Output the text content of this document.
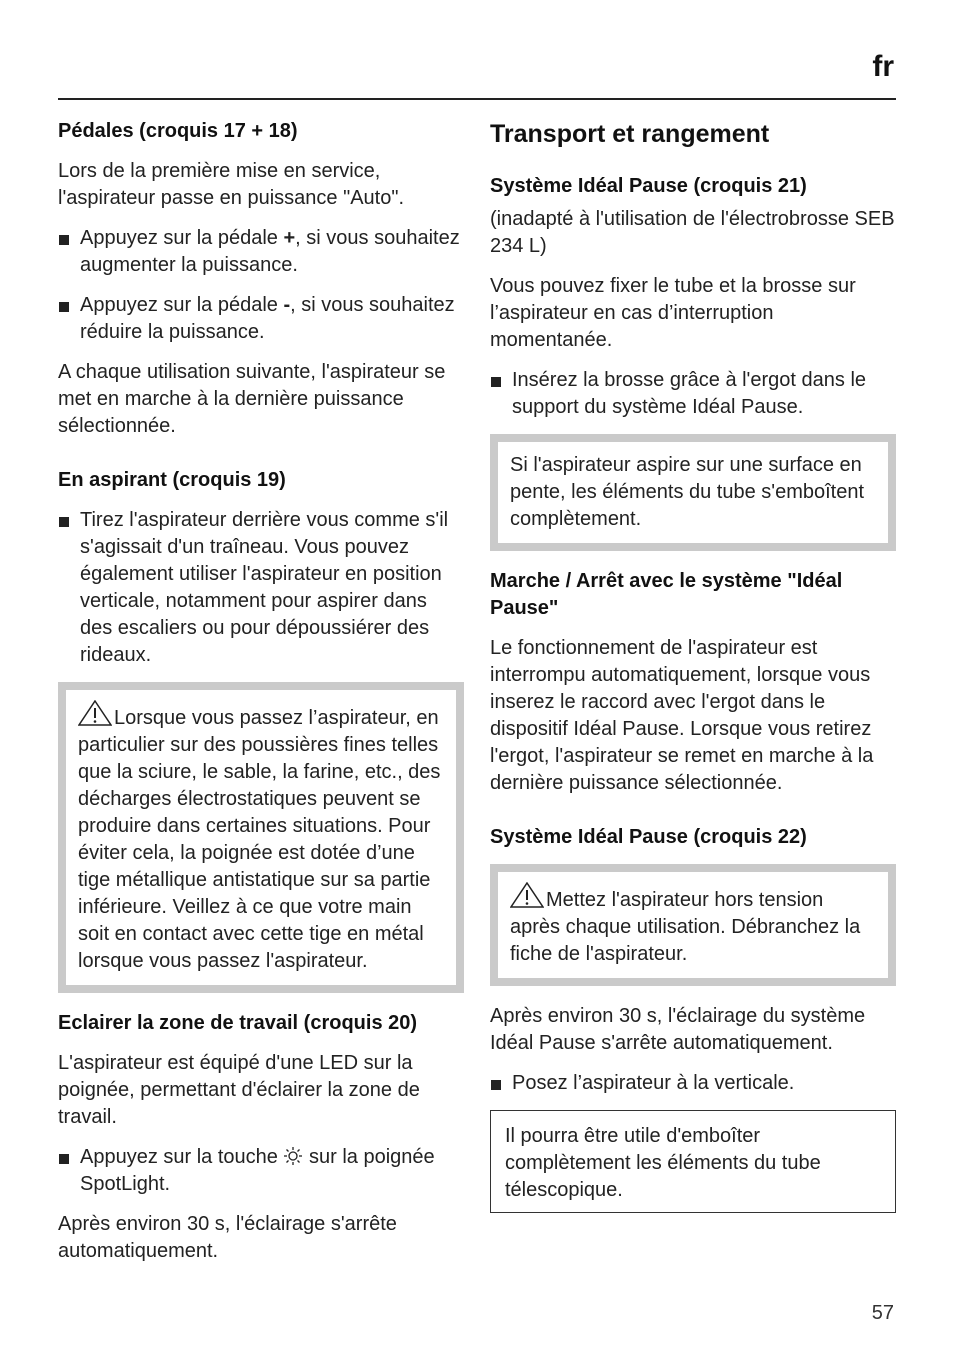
fr
Pédales (croquis 17 + 18)
Lors de la première mise en service, l'aspirateur passe en puissance "Auto".
Appuyez sur la pédale +, si vous souhaitez augmenter la puissance.
Appuyez sur la pédale -, si vous souhaitez réduire la puissance.
A chaque utilisation suivante, l'aspirateur se met en marche à la dernière puissance sélectionnée.
En aspirant (croquis 19)
Tirez l'aspirateur derrière vous comme s'il s'agissait d'un traîneau. Vous pouvez également utiliser l'aspirateur en position verticale, notamment pour aspirer dans des escaliers ou pour dépoussiérer des rideaux.
Lorsque vous passez l’aspirateur, en particulier sur des poussières fines telles que la sciure, le sable, la farine, etc., des décharges électrostatiques peuvent se produire dans certaines situations. Pour éviter cela, la poignée est dotée d’une tige métallique antistatique sur sa partie inférieure. Veillez à ce que votre main soit en contact avec cette tige en métal lorsque vous passez l'aspirateur.
Eclairer la zone de travail (croquis 20)
L'aspirateur est équipé d'une LED sur la poignée, permettant d'éclairer la zone de travail.
Appuyez sur la touche  sur la poignée SpotLight.
Après environ 30 s, l'éclairage s'arrête automatiquement.
Transport et rangement
Système Idéal Pause (croquis 21)
(inadapté à l'utilisation de l'électrobrosse SEB 234 L)
Vous pouvez fixer le tube et la brosse sur l’aspirateur en cas d’interruption momentanée.
Insérez la brosse grâce à l'ergot dans le support du système Idéal Pause.
Si l'aspirateur aspire sur une surface en pente, les éléments du tube s'emboîtent complètement.
Marche / Arrêt avec le système "Idéal Pause"
Le fonctionnement de l'aspirateur est interrompu automatiquement, lorsque vous inserez le raccord avec l'ergot dans le dispositif Idéal Pause. Lorsque vous retirez l'ergot, l'aspirateur se remet en marche à la dernière puissance sélectionnée.
Système Idéal Pause (croquis 22)
Mettez l'aspirateur hors tension après chaque utilisation. Débranchez la fiche de l'aspirateur.
Après environ 30 s, l'éclairage du système Idéal Pause s'arrête automatiquement.
Posez l’aspirateur à la verticale.
Il pourra être utile d'emboîter complètement les éléments du tube télescopique.
57
